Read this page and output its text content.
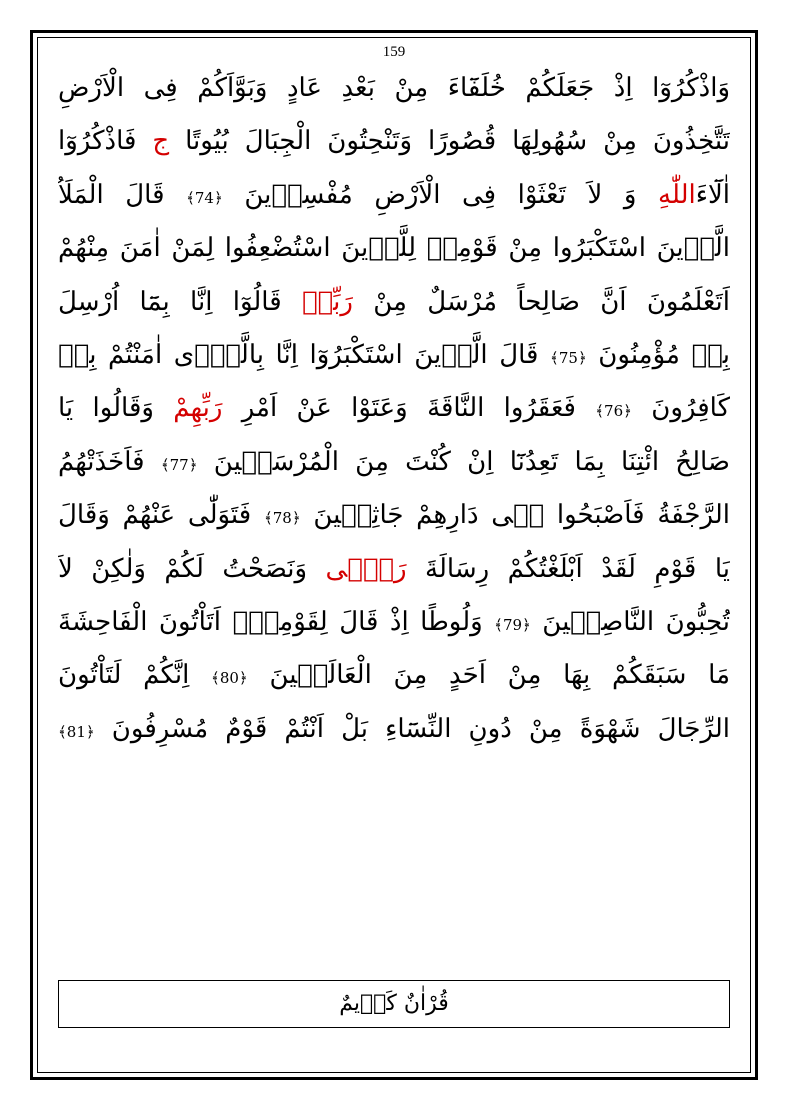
159
وَاذْكُرُوٓا اِذْ جَعَلَكُمْ خُلَفَٓاءَ مِنْ بَعْدِ عَادٍ وَبَوَّاَكُمْ فِى الْاَرْضِ
تَتَّخِذُونَ مِنْ سُهُولِهَا قُصُورًا وَتَنْحِتُونَ الْجِبَالَ بُيُوتًا ج فَاذْكُرُوٓا
اٰلَٓاءَاللّٰهِ وَ لاَ تَعْثَوْا فِى الْاَرْضِ مُفْسِدٖينَ ﴿74﴾ قَالَ الْمَلَاُ
الَّذٖينَ اسْتَكْبَرُوا مِنْ قَوْمِهٖ لِلَّذٖينَ اسْتُضْعِفُوا لِمَنْ اٰمَنَ مِنْهُمْ
اَتَعْلَمُونَ اَنَّ صَالِحاً مُرْسَلٌ مِنْ رَبِّهٖ قَالُوٓا اِنَّا بِمَٓا اُرْسِلَ
بِهٖ مُؤْمِنُونَ ﴿75﴾ قَالَ الَّذٖينَ اسْتَكْبَرُوٓا اِنَّا بِالَّذٖٓى اٰمَنْتُمْ بِهٖ
كَافِرُونَ ﴿76﴾ فَعَقَرُوا النَّاقَةَ وَعَتَوْا عَنْ اَمْرِ رَبِّهِمْ وَقَالُوا يَا
صَالِحُ ائْتِنَا بِمَا تَعِدُنَٓا اِنْ كُنْتَ مِنَ الْمُرْسَلٖينَ ﴿77﴾ فَاَخَذَتْهُمُ
الرَّجْفَةُ فَاَصْبَحُوا فٖى دَارِهِمْ جَاثِمٖينَ ﴿78﴾ فَتَوَلّٰى عَنْهُمْ وَقَالَ
يَا قَوْمِ لَقَدْ اَبْلَغْتُكُمْ رِسَالَةَ رَبّٖى وَنَصَحْتُ لَكُمْ وَلٰكِنْ لاَ
تُحِبُّونَ النَّاصِحٖينَ ﴿79﴾ وَلُوطًا اِذْ قَالَ لِقَوْمِهٖٓ اَتَاْتُونَ الْفَاحِشَةَ
مَا سَبَقَكُمْ بِهَا مِنْ اَحَدٍ مِنَ الْعَالَمٖينَ ﴿80﴾ اِنَّكُمْ لَتَاْتُونَ
الرِّجَالَ شَهْوَةً مِنْ دُونِ النِّسَٓاءِ بَلْ اَنْتُمْ قَوْمٌ مُسْرِفُونَ ﴿81﴾
قُرْاٰنٌ كَرٖيمٌ
